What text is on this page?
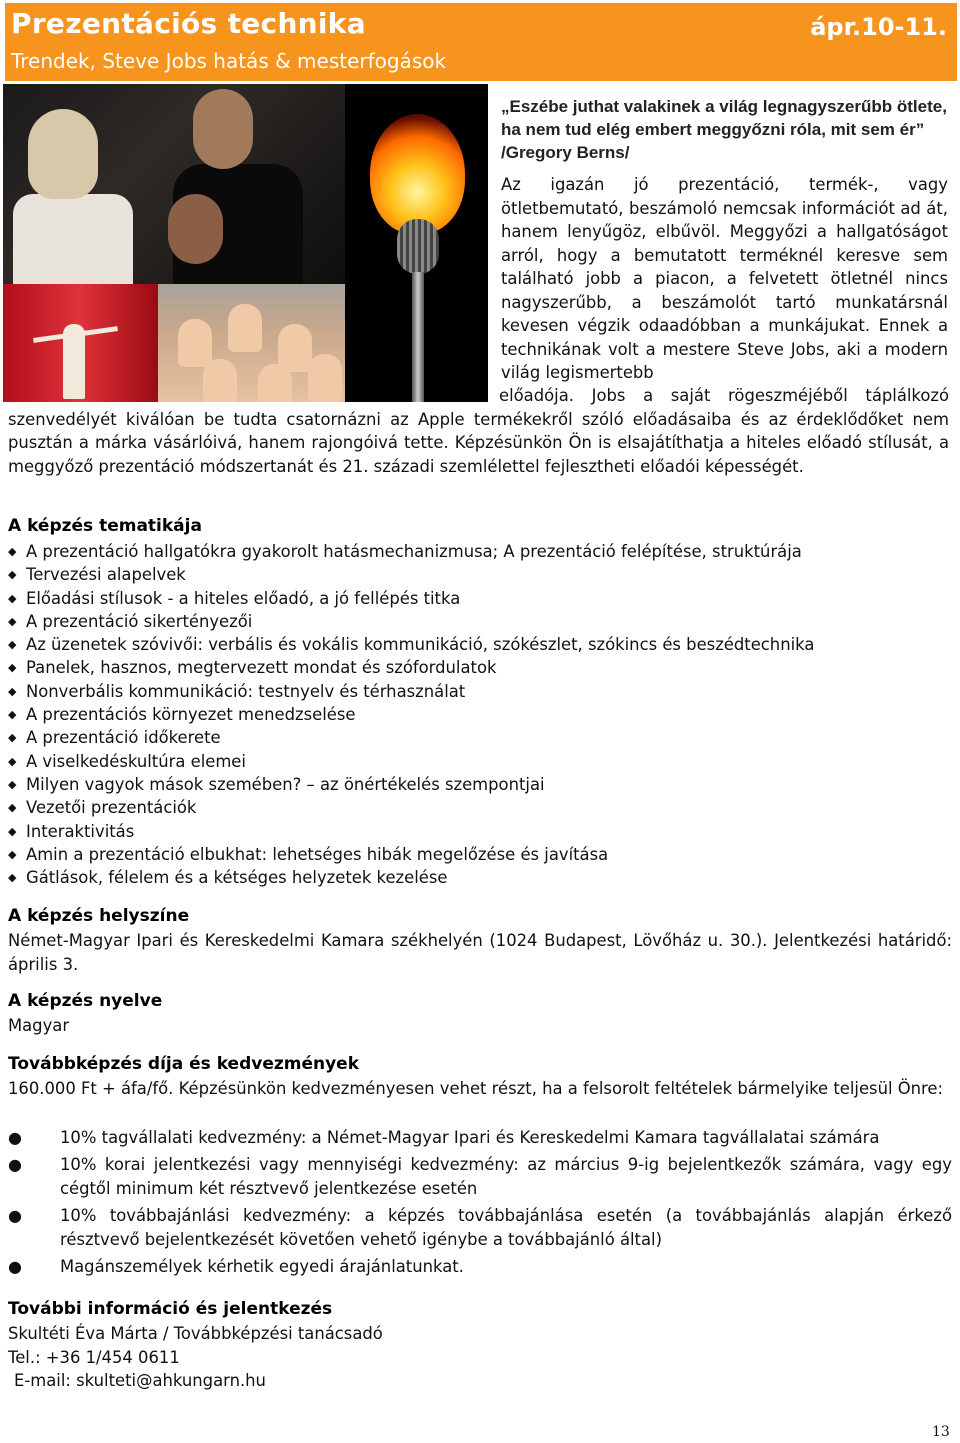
Prezentációs technika
Trendek, Steve Jobs hatás & mesterfogások
ápr.10-11.

„Eszébe juthat valakinek a világ legnagyszerűbb ötlete, ha nem tud elég embert meggyőzni róla, mit sem ér” /Gregory Berns/

Az igazán jó prezentáció, termék-, vagy ötletbemutató, beszámoló nemcsak információt ad át, hanem lenyűgöz, elbűvöl. Meggyőzi a hallgatóságot arról, hogy a bemutatott terméknél keresve sem található jobb a piacon, a felvetett ötletnél nincs nagyszerűbb, a beszámolót tartó munkatársnál kevesen végzik odaadóbban a munkájukat. Ennek a technikának volt a mestere Steve Jobs, aki a modern világ legismertebb

előadója. Jobs a saját rögeszméjéből táplálkozó szenvedélyét kiválóan be tudta csatornázni az Apple termékekről szóló előadásaiba és az érdeklődőket nem pusztán a márka vásárlóivá, hanem rajongóivá tette. Képzésünkön Ön is elsajátíthatja a hiteles előadó stílusát, a meggyőző prezentáció módszertanát és 21. századi szemlélettel fejlesztheti előadói képességét.

A képzés tematikája
◆ A prezentáció hallgatókra gyakorolt hatásmechanizmusa; A prezentáció felépítése, struktúrája
◆ Tervezési alapelvek
◆ Előadási stílusok - a hiteles előadó, a jó fellépés titka
◆ A prezentáció sikertényezői
◆ Az üzenetek szóvivői: verbális és vokális kommunikáció, szókészlet, szókincs és beszédtechnika
◆ Panelek, hasznos, megtervezett mondat és szófordulatok
◆ Nonverbális kommunikáció: testnyelv és térhasználat
◆ A prezentációs környezet menedzselése
◆ A prezentáció időkerete
◆ A viselkedéskultúra elemei
◆ Milyen vagyok mások szemében? – az önértékelés szempontjai
◆ Vezetői prezentációk
◆ Interaktivitás
◆ Amin a prezentáció elbukhat: lehetséges hibák megelőzése és javítása
◆ Gátlások, félelem és a kétséges helyzetek kezelése
A képzés helyszíne

Német-Magyar Ipari és Kereskedelmi Kamara székhelyén (1024 Budapest, Lövőház u. 30.). Jelentkezési határidő: április 3.

A képzés nyelve

Magyar

Továbbképzés díja és kedvezmények

160.000 Ft + áfa/fő. Képzésünkön kedvezményesen vehet részt, ha a felsorolt feltételek bármelyike teljesül Önre:

● 10% tagvállalati kedvezmény: a Német-Magyar Ipari és Kereskedelmi Kamara tagvállalatai számára
● 10% korai jelentkezési vagy mennyiségi kedvezmény: az március 9-ig bejelentkezők számára, vagy egy cégtől minimum két résztvevő jelentkezése esetén
● 10% továbbajánlási kedvezmény: a képzés továbbajánlása esetén (a továbbajánlás alapján érkező résztvevő bejelentkezését követően vehető igénybe a továbbajánló által)
● Magánszemélyek kérhetik egyedi árajánlatunkat.
További információ és jelentkezés
Skultéti Éva Márta / Továbbképzési tanácsadó
Tel.: +36 1/454 0611
E-mail: skulteti@ahkungarn.hu
13
